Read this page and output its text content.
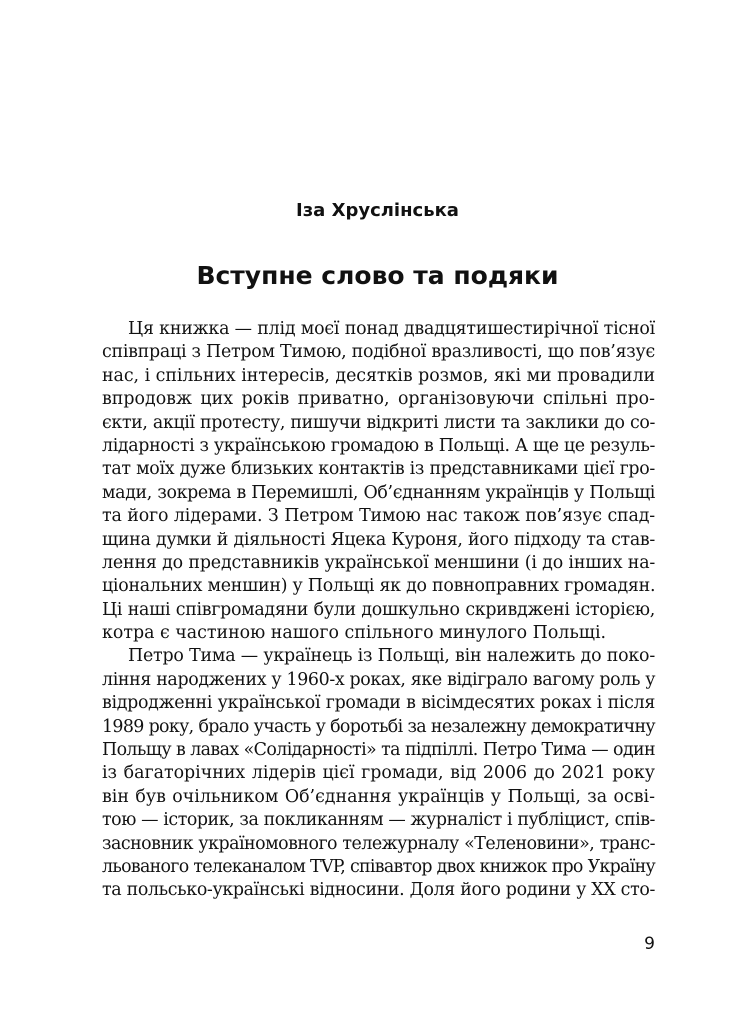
Іза Хруслінська
Вступне слово та подяки
Ця книжка — плід моєї понад двадцятишестирічної тісної
співпраці з Петром Тимою, подібної вразливості, що пов’язує
нас, і спільних інтересів, десятків розмов, які ми провадили
впродовж цих років приватно, організовуючи спільні про-
єкти, акції протесту, пишучи відкриті листи та заклики до со-
лідарності з українською громадою в Польщі. А ще це резуль-
тат моїх дуже близьких контактів із представниками цієї гро-
мади, зокрема в Перемишлі, Об’єднанням українців у Польщі
та його лідерами. З Петром Тимою нас також пов’язує спад-
щина думки й діяльності Яцека Куроня, його підходу та став-
лення до представників української меншини (і до інших на-
ціональних меншин) у Польщі як до повноправних громадян.
Ці наші співгромадяни були дошкульно скривджені історією,
котра є частиною нашого спільного минулого Польщі.
Петро Тима — українець із Польщі, він належить до поко-
ління народжених у 1960-х роках, яке відіграло вагому роль у
відродженні української громади в вісімдесятих роках і після
1989 року, брало участь у боротьбі за незалежну демократичну
Польщу в лавах «Солідарності» та підпіллі. Петро Тима — один
із багаторічних лідерів цієї громади, від 2006 до 2021 року
він був очільником Об’єднання українців у Польщі, за осві-
тою — історик, за покликанням — журналіст і публіцист, спів-
засновник україномовного тележурналу «Теленовини», транс-
льованого телеканалом TVP, співавтор двох книжок про Україну
та польсько-українські відносини. Доля його родини у XX сто-
9
